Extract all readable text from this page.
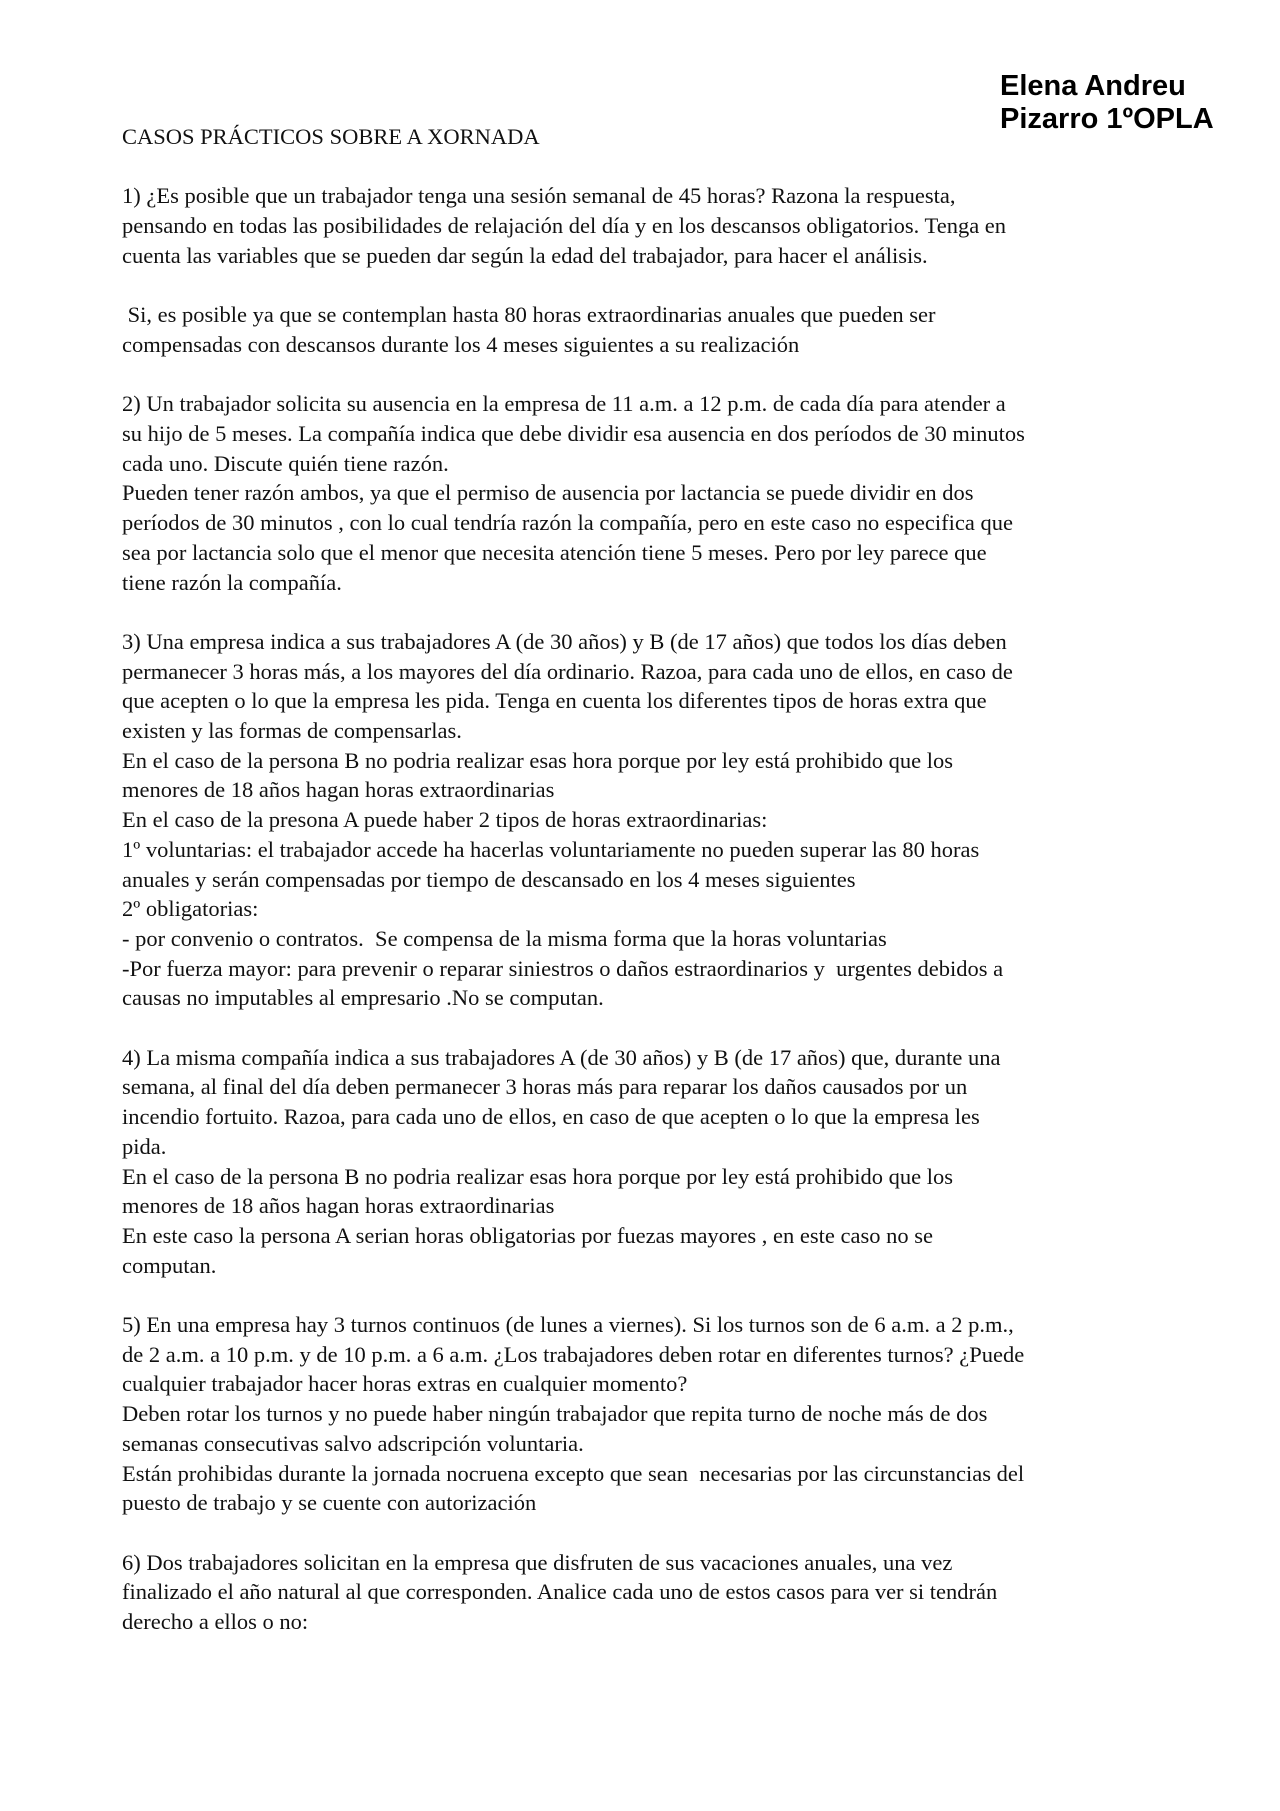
Elena Andreu
Pizarro 1ºOPLA

CASOS PRÁCTICOS SOBRE A XORNADA

1) ¿Es posible que un trabajador tenga una sesión semanal de 45 horas? Razona la respuesta,

pensando en todas las posibilidades de relajación del día y en los descansos obligatorios. Tenga en

cuenta las variables que se pueden dar según la edad del trabajador, para hacer el análisis.

Si, es posible ya que se contemplan hasta 80 horas extraordinarias anuales que pueden ser

compensadas con descansos durante los 4 meses siguientes a su realización

2) Un trabajador solicita su ausencia en la empresa de 11 a.m. a 12 p.m. de cada día para atender a

su hijo de 5 meses. La compañía indica que debe dividir esa ausencia en dos períodos de 30 minutos

cada uno. Discute quién tiene razón.

Pueden tener razón ambos, ya que el permiso de ausencia por lactancia se puede dividir en dos

períodos de 30 minutos , con lo cual tendría razón la compañía, pero en este caso no especifica que

sea por lactancia solo que el menor que necesita atención tiene 5 meses. Pero por ley parece que

tiene razón la compañía.

3) Una empresa indica a sus trabajadores A (de 30 años) y B (de 17 años) que todos los días deben

permanecer 3 horas más, a los mayores del día ordinario. Razoa, para cada uno de ellos, en caso de

que acepten o lo que la empresa les pida. Tenga en cuenta los diferentes tipos de horas extra que

existen y las formas de compensarlas.

En el caso de la persona B no podria realizar esas hora porque por ley está prohibido que los

menores de 18 años hagan horas extraordinarias

En el caso de la presona A puede haber 2 tipos de horas extraordinarias:

1º voluntarias: el trabajador accede ha hacerlas voluntariamente no pueden superar las 80 horas

anuales y serán compensadas por tiempo de descansado en los 4 meses siguientes

2º obligatorias:

- por convenio o contratos.  Se compensa de la misma forma que la horas voluntarias

-Por fuerza mayor: para prevenir o reparar siniestros o daños estraordinarios y  urgentes debidos a

causas no imputables al empresario .No se computan.

4) La misma compañía indica a sus trabajadores A (de 30 años) y B (de 17 años) que, durante una

semana, al final del día deben permanecer 3 horas más para reparar los daños causados por un

incendio fortuito. Razoa, para cada uno de ellos, en caso de que acepten o lo que la empresa les

pida.

En el caso de la persona B no podria realizar esas hora porque por ley está prohibido que los

menores de 18 años hagan horas extraordinarias

En este caso la persona A serian horas obligatorias por fuezas mayores , en este caso no se

computan.

5) En una empresa hay 3 turnos continuos (de lunes a viernes). Si los turnos son de 6 a.m. a 2 p.m.,

de 2 a.m. a 10 p.m. y de 10 p.m. a 6 a.m. ¿Los trabajadores deben rotar en diferentes turnos? ¿Puede

cualquier trabajador hacer horas extras en cualquier momento?

Deben rotar los turnos y no puede haber ningún trabajador que repita turno de noche más de dos

semanas consecutivas salvo adscripción voluntaria.

Están prohibidas durante la jornada nocruena excepto que sean  necesarias por las circunstancias del

puesto de trabajo y se cuente con autorización

6) Dos trabajadores solicitan en la empresa que disfruten de sus vacaciones anuales, una vez

finalizado el año natural al que corresponden. Analice cada uno de estos casos para ver si tendrán

derecho a ellos o no:
